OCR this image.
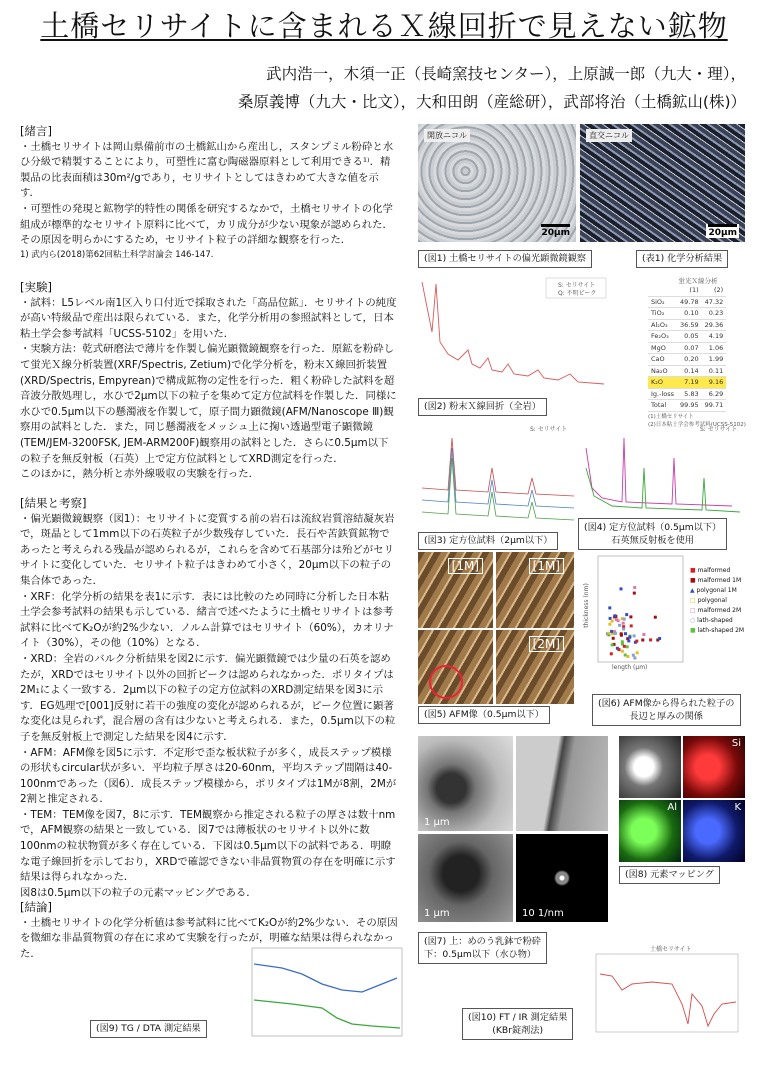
土橋セリサイトに含まれるＸ線回折で見えない鉱物
武内浩一，木須一正（長崎窯技センター），上原誠一郎（九大・理），
桑原義博（九大・比文），大和田朗（産総研），武部将治（土橋鉱山(株)）

[緒言]

・土橋セリサイトは岡山県備前市の土橋鉱山から産出し，スタンプミル粉砕と水ひ分級で精製することにより，可塑性に富む陶磁器原料として利用できる¹⁾．精製品の比表面積は30m²/gであり，セリサイトとしてはきわめて大きな値を示す．

・可塑性の発現と鉱物学的特性の関係を研究するなかで，土橋セリサイトの化学組成が標準的なセリサイト原料に比べて，カリ成分が少ない現象が認められた．その原因を明らかにするため，セリサイト粒子の詳細な観察を行った．

1) 武内ら(2018)第62回粘土科学討論会 146-147.

[実験]

・試料：L5レベル南1区入り口付近で採取された「高品位鉱」．セリサイトの純度が高い特級品で産出は限られている．また，化学分析用の参照試料として，日本粘土学会参考試料「UCSS-5102」を用いた．

・実験方法：乾式研磨法で薄片を作製し偏光顕微鏡観察を行った．原鉱を粉砕して蛍光Ｘ線分析装置(XRF/Spectris, Zetium)で化学分析を，粉末Ｘ線回折装置(XRD/Spectris, Empyrean)で構成鉱物の定性を行った．粗く粉砕した試料を超音波分散処理し，水ひで2μm以下の粒子を集めて定方位試料を作製した．同様に水ひで0.5μm以下の懸濁液を作製して，原子間力顕微鏡(AFM/Nanoscope Ⅲ)観察用の試料とした．また，同じ懸濁液をメッシュ上に掬い透過型電子顕微鏡(TEM/JEM-3200FSK, JEM-ARM200F)観察用の試料とした．さらに0.5μm以下の粒子を無反射板（石英）上で定方位試料としてXRD測定を行った．

このほかに，熱分析と赤外線吸収の実験を行った．

[結果と考察]

・偏光顕微鏡観察（図1）：セリサイトに変質する前の岩石は流紋岩質溶結凝灰岩で，斑晶として1mm以下の石英粒子が少数残存していた．長石や苦鉄質鉱物であったと考えられる残晶が認められるが，これらを含めて石基部分は殆どがセリサイトに変化していた．セリサイト粒子はきわめて小さく，20μm以下の粒子の集合体であった．

・XRF：化学分析の結果を表1に示す．表には比較のため同時に分析した日本粘土学会参考試料の結果も示している．緒言で述べたように土橋セリサイトは参考試料に比べてK₂Oが約2%少ない．ノルム計算ではセリサイト（60%），カオリナイト（30%），その他（10%）となる．

・XRD：全岩のバルク分析結果を図2に示す．偏光顕微鏡では少量の石英を認めたが，XRDではセリサイト以外の回折ピークは認められなかった．ポリタイプは2M₁によく一致する．2μm以下の粒子の定方位試料のXRD測定結果を図3に示す．EG処理で[001]反射に若干の強度の変化が認められるが，ピーク位置に顕著な変化は見られず，混合層の含有は少ないと考えられる．また，0.5μm以下の粒子を無反射板上で測定した結果を図4に示す．

・AFM：AFM像を図5に示す．不定形で歪な板状粒子が多く，成長ステップ模様の形状もcircular状が多い．平均粒子厚さは20-60nm，平均ステップ間隔は40-100nmであった（図6）．成長ステップ模様から，ポリタイプは1Mが8割，2Mが2割と推定される．

・TEM：TEM像を図7，8に示す．TEM観察から推定される粒子の厚さは数十nmで，AFM観察の結果と一致している．図7では薄板状のセリサイト以外に数100nmの粒状物質が多く存在している．下図は0.5μm以下の試料である．明瞭な電子線回折を示しており，XRDで確認できない非晶質物質の存在を明確に示す結果は得られなかった．

図8は0.5μm以下の粒子の元素マッピングである．

[結論]

・土橋セリサイトの化学分析値は参考試料に比べてK₂Oが約2%少ない．その原因を微細な非晶質物質の存在に求めて実験を行ったが，明確な結果は得られなかった．

(図9) TG / DTA 測定結果
開放ニコル
20μm
直交ニコル
20μm
(図1) 土橋セリサイトの偏光顕微鏡観察	(表1) 化学分析結果
S: セリサイト
Q: 不明ピーク
(図2) 粉末Ｘ線回折（全岩）
蛍光Ｘ線分析
	(1)	(2)
SiO₂	49.78	47.32
TiO₂	0.10	0.23
Al₂O₃	36.59	29.36
Fe₂O₃	0.05	4.19
MgO	0.07	1.06
CaO	0.20	1.99
Na₂O	0.14	0.11
K₂O	7.19	9.16
Ig.-loss	5.83	6.29
Total	99.95	99.71
(1)土橋セリサイト
(2)日本粘土学会参考試料(UCSS-5102)
S: セリサイト
(図3) 定方位試料（2μm以下）
S: セリサイト
(図4) 定方位試料（0.5μm以下）
石英無反射板を使用
[1M]	[1M]
[2M]
(図5) AFM像（0.5μm以下）
length (μm)
thickness (nm)
■ malformed
■ malformed 1M
▲ polygonal 1M
□ polygonal
□ malformed 2M
○ lath-shaped
■ lath-shaped 2M
(図6) AFM像から得られた粒子の
長辺と厚みの関係
1 μm
1 μm	10 1/nm
(図7) 上：めのう乳鉢で粉砕
下：0.5μm以下（水ひ物）
Si
Al	K
(図8) 元素マッピング
土橋セリサイト
(図10) FT / IR 測定結果
(KBr錠剤法)
